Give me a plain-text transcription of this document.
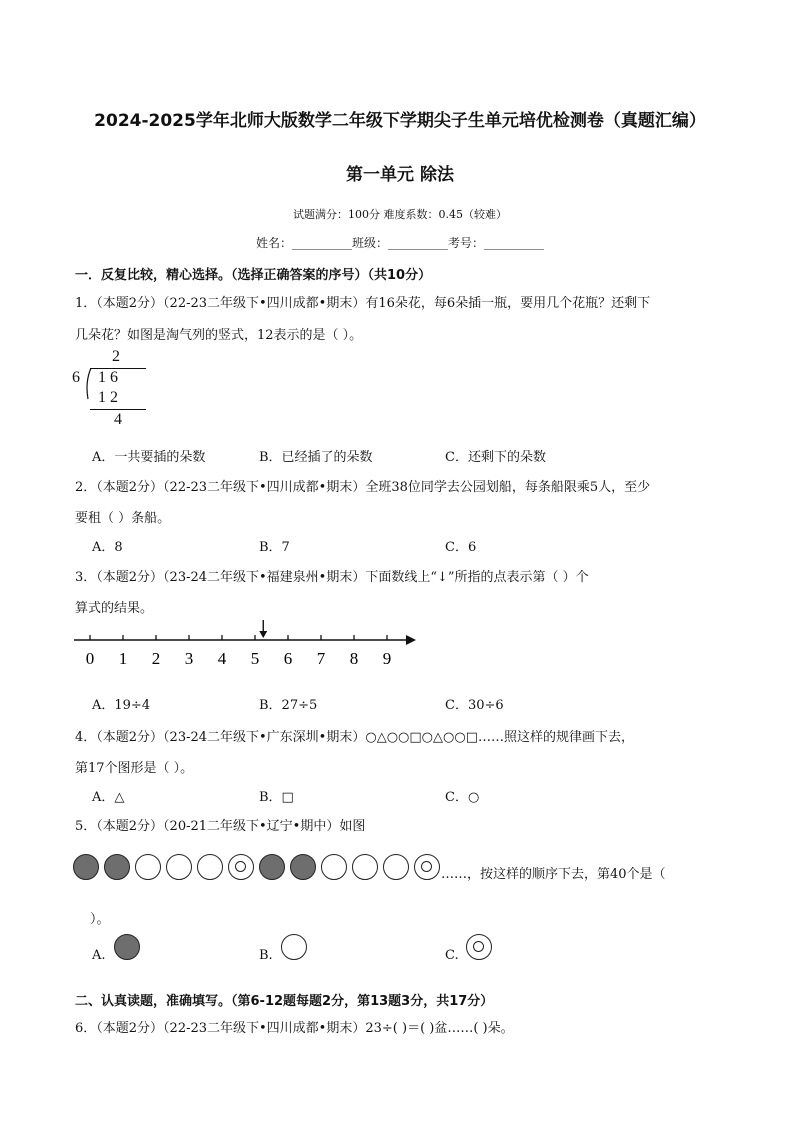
2024-2025学年北师大版数学二年级下学期尖子生单元培优检测卷（真题汇编）
第一单元 除法
试题满分：100分 难度系数：0.45（较难）
姓名：__________班级：__________考号：__________
一．反复比较，精心选择。（选择正确答案的序号）（共10分）
1．（本题2分）（22-23二年级下•四川成都•期末）有16朵花，每6朵插一瓶，要用几个花瓶？还剩下
几朵花？如图是淘气列的竖式，12表示的是（ ）。
2
6 1 6
1 2
4
A．一共要插的朵数	B．已经插了的朵数	C．还剩下的朵数
2．（本题2分）（22-23二年级下•四川成都•期末）全班38位同学去公园划船，每条船限乘5人，至少
要租（ ）条船。
A．8	B．7	C．6
3．（本题2分）（23-24二年级下•福建泉州•期末）下面数线上“↓”所指的点表示第（ ）个
算式的结果。
0 1 2 3 4 5 6 7 8 9
A．19÷4	B．27÷5	C．30÷6
4．（本题2分）（23-24二年级下•广东深圳•期末）○△○○□○△○○□……照这样的规律画下去，
第17个图形是（ ）。
A．△	B．□	C．○
5．（本题2分）（20-21二年级下•辽宁•期中）如图
……，按这样的顺序下去，第40个是（
）。
A.	B.	C.
二、认真读题，准确填写。（第6-12题每题2分，第13题3分，共17分）
6．（本题2分）（22-23二年级下•四川成都•期末）23÷( )＝( )盆……( )朵。
